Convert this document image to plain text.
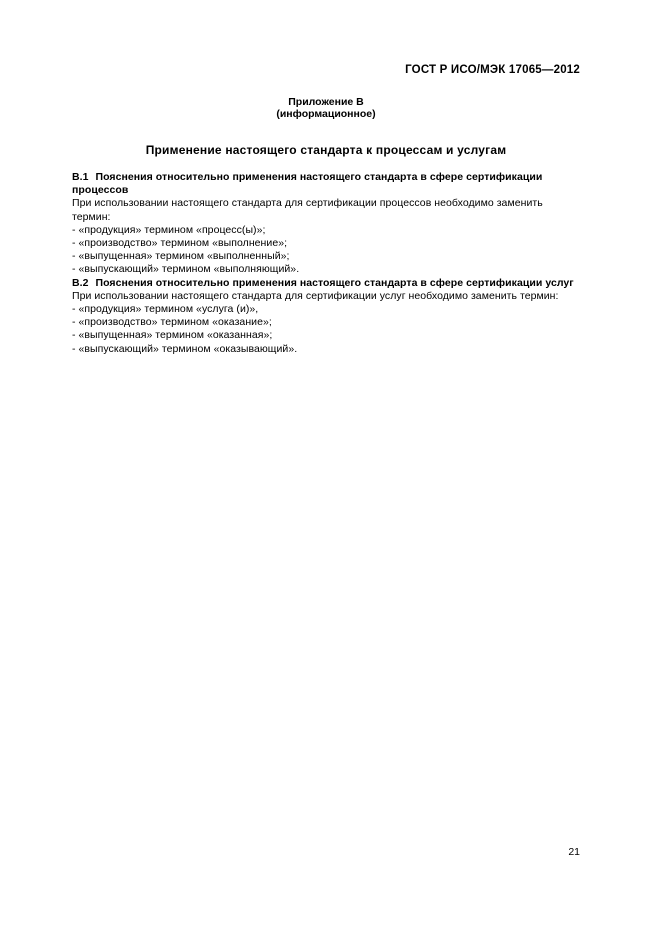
ГОСТ Р ИСО/МЭК 17065—2012
Приложение В
(информационное)
Применение настоящего стандарта к процессам и услугам

В.1 Пояснения относительно применения настоящего стандарта в сфере сертификации процессов

При использовании настоящего стандарта для сертификации процессов необходимо заменить термин:

- «продукция» термином «процесс(ы)»;

- «производство» термином «выполнение»;

- «выпущенная» термином «выполненный»;

- «выпускающий» термином «выполняющий».

В.2 Пояснения относительно применения настоящего стандарта в сфере сертификации услуг

При использовании настоящего стандарта для сертификации услуг необходимо заменить термин:

- «продукция» термином «услуга (и)»,

- «производство» термином «оказание»;

- «выпущенная» термином «оказанная»;

- «выпускающий» термином «оказывающий».

21
